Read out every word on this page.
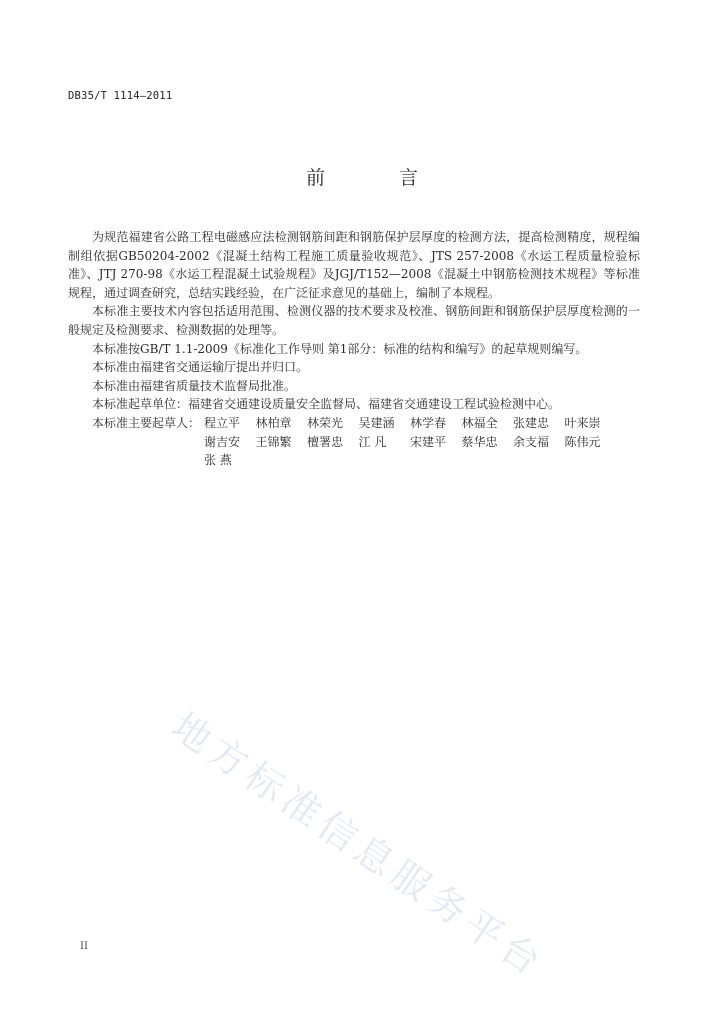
DB35/T 1114—2011
前 言

为规范福建省公路工程电磁感应法检测钢筋间距和钢筋保护层厚度的检测方法，提高检测精度，规程编制组依据GB50204-2002《混凝土结构工程施工质量验收规范》、JTS 257-2008《水运工程质量检验标准》、JTJ 270-98《水运工程混凝土试验规程》及JGJ/T152—2008《混凝土中钢筋检测技术规程》等标准规程，通过调查研究，总结实践经验，在广泛征求意见的基础上，编制了本规程。

本标准主要技术内容包括适用范围、检测仪器的技术要求及校准、钢筋间距和钢筋保护层厚度检测的一般规定及检测要求、检测数据的处理等。

本标准按GB/T 1.1-2009《标准化工作导则 第1部分：标准的结构和编写》的起草规则编写。

本标准由福建省交通运输厅提出并归口。

本标准由福建省质量技术监督局批准。

本标准起草单位：福建省交通建设质量安全监督局、福建省交通建设工程试验检测中心。

本标准主要起草人： 程立平 林柏章 林荣光 吴建涵 林学春 林福全 张建忠 叶来崇谢吉安 王锦繁 檀署忠 江 凡 宋建平 蔡华忠 余支福 陈伟元张 燕
地方标准信息服务平台
II
